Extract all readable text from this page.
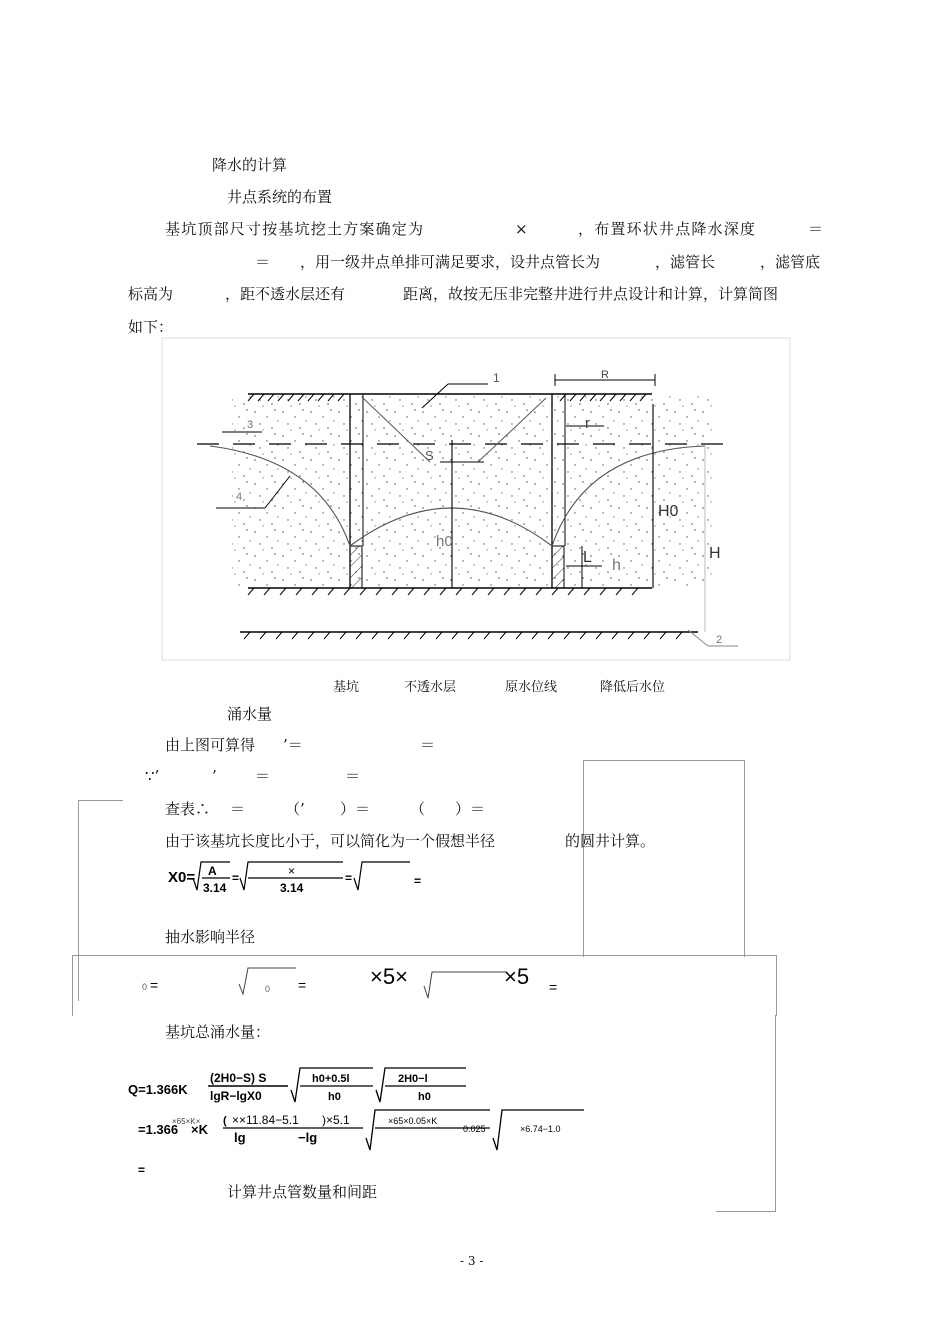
降水的计算
井点系统的布置
基坑顶部尺寸按基坑挖土方案确定为	×	，布置环状井点降水深度	＝
＝ ，用一级井点单排可满足要求，设井点管长为	，滤管长	，滤管底
标高为	，距不透水层还有	距离，故按无压非完整井进行井点设计和计算，计算简图
如下：
1
2
3
4
R
r
S
H0
H
h0
L h
基坑	不透水层	原水位线	降低后水位
涌水量
由上图可算得 ’＝	＝
∵’	’	＝	＝
查表∴ ＝	（’ ）＝	（ ）＝
由于该基坑长度比小于，可以简化为一个假想半径	的圆井计算。
X0= A
3.14
=	×
3.14
=	=
抽水影响半径
0 =	0 =	×5×	×5 =
基坑总涌水量：
Q=1.366K
(2H0−S) S
lgR−lgX0
h0+0.5l
h0
2H0−l
h0
=1.366 ×K
(
lg	−lg
×65×K×	××11.84−5.1 )×5.1	×65×0.05×K
0.025	×6.74−1.0
=
计算井点管数量和间距
- 3 -
